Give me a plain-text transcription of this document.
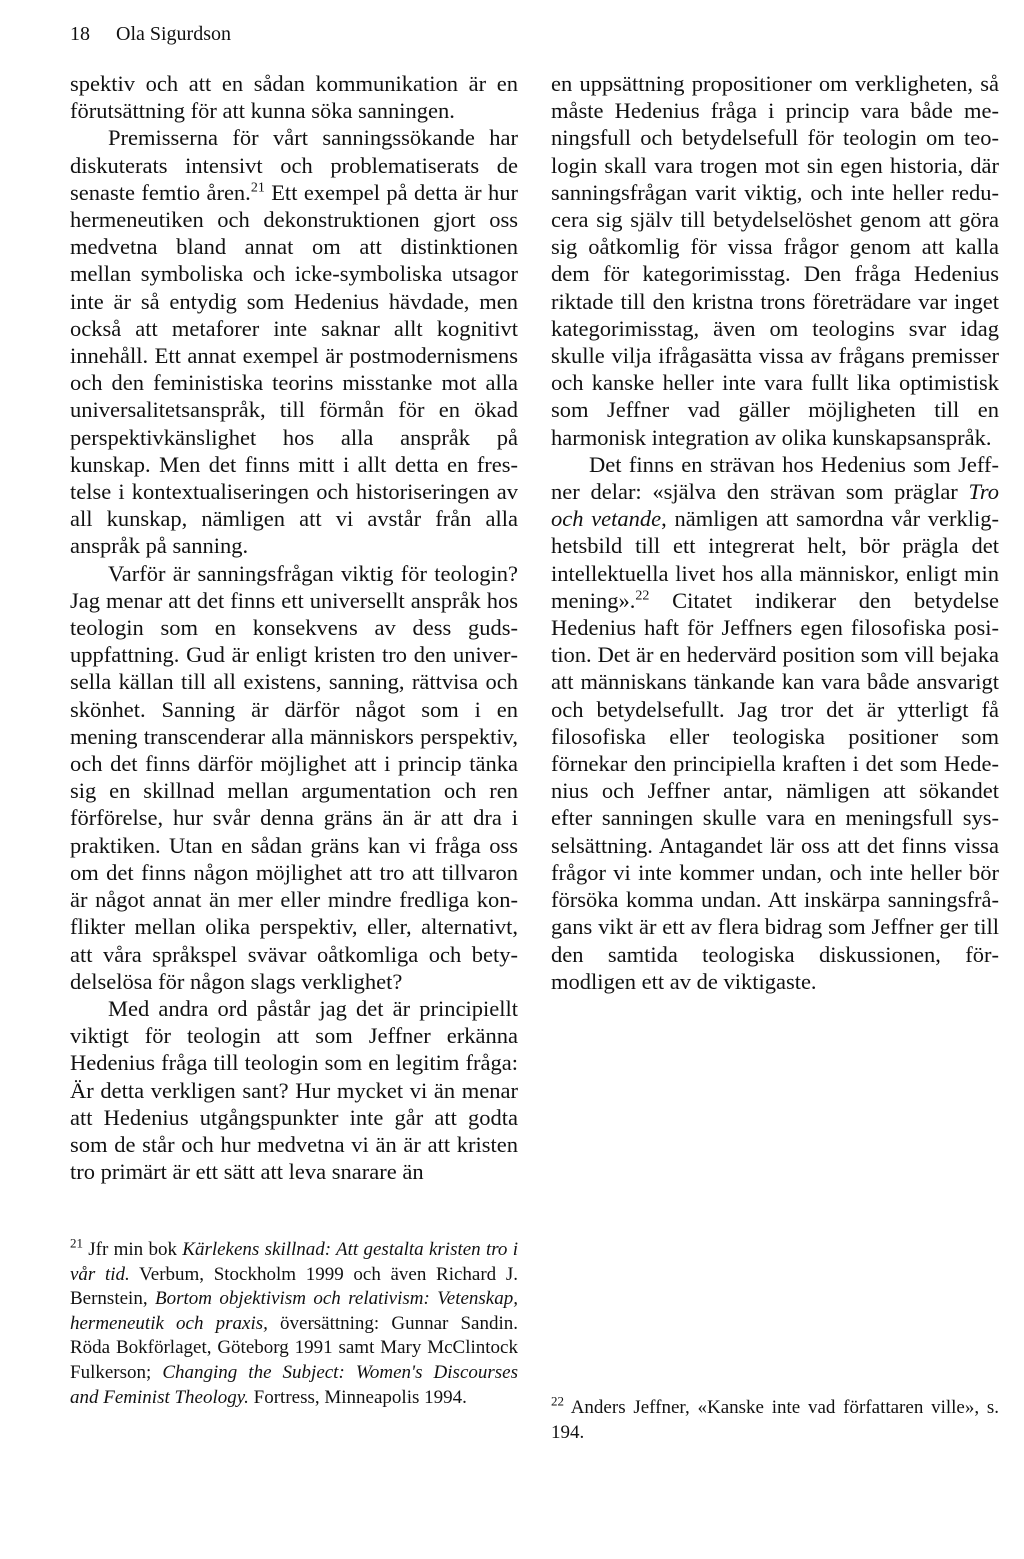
18 Ola Sigurdson

spektiv och att en sådan kommunikation är en förutsättning för att kunna söka sanningen.

Premisserna för vårt sanningssökande har diskuterats intensivt och problematiserats de senaste femtio åren.$^{21}$ Ett exempel på detta är hur hermeneutiken och dekonstruktionen gjort oss medvetna bland annat om att distinktionen mellan symboliska och icke-symboliska utsagor inte är så entydig som Hedenius hävdade, men också att metaforer inte saknar allt kognitivt innehåll. Ett annat exempel är postmodernismens och den feministiska teorins misstanke mot alla universalitetsanspråk, till förmån för en ökad perspektivkänslighet hos alla anspråk på kunskap. Men det finns mitt i allt detta en frestelse i kontextualiseringen och historiseringen av all kunskap, nämligen att vi avstår från alla anspråk på sanning.

Varför är sanningsfrågan viktig för teologin? Jag menar att det finns ett universellt anspråk hos teologin som en konsekvens av dess gudsuppfattning. Gud är enligt kristen tro den universella källan till all existens, sanning, rättvisa och skönhet. Sanning är därför något som i en mening transcenderar alla människors perspektiv, och det finns därför möjlighet att i princip tänka sig en skillnad mellan argumentation och ren förförelse, hur svår denna gräns än är att dra i praktiken. Utan en sådan gräns kan vi fråga oss om det finns någon möjlighet att tro att tillvaron är något annat än mer eller mindre fredliga konflikter mellan olika perspektiv, eller, alternativt, att våra språkspel svävar oåtkomliga och betydelselösa för någon slags verklighet?

Med andra ord påstår jag det är principiellt viktigt för teologin att som Jeffner erkänna Hedenius fråga till teologin som en legitim fråga: Är detta verkligen sant? Hur mycket vi än menar att Hedenius utgångspunkter inte går att godta som de står och hur medvetna vi än är att kristen tro primärt är ett sätt att leva snarare än

en uppsättning propositioner om verkligheten, så måste Hedenius fråga i princip vara både meningsfull och betydelsefull för teologin om teologin skall vara trogen mot sin egen historia, där sanningsfrågan varit viktig, och inte heller reducera sig själv till betydelselöshet genom att göra sig oåtkomlig för vissa frågor genom att kalla dem för kategorimisstag. Den fråga Hedenius riktade till den kristna trons företrädare var inget kategorimisstag, även om teologins svar idag skulle vilja ifrågasätta vissa av frågans premisser och kanske heller inte vara fullt lika optimistisk som Jeffner vad gäller möjligheten till en harmonisk integration av olika kunskapsanspråk.

Det finns en strävan hos Hedenius som Jeffner delar: «själva den strävan som präglar Tro och vetande, nämligen att samordna vår verklighetsbild till ett integrerat helt, bör prägla det intellektuella livet hos alla människor, enligt min mening».$^{22}$ Citatet indikerar den betydelse Hedenius haft för Jeffners egen filosofiska position. Det är en hedervärd position som vill bejaka att människans tänkande kan vara både ansvarigt och betydelsefullt. Jag tror det är ytterligt få filosofiska eller teologiska positioner som förnekar den principiella kraften i det som Hedenius och Jeffner antar, nämligen att sökandet efter sanningen skulle vara en meningsfull sysselsättning. Antagandet lär oss att det finns vissa frågor vi inte kommer undan, och inte heller bör försöka komma undan. Att inskärpa sanningsfrågans vikt är ett av flera bidrag som Jeffner ger till den samtida teologiska diskussionen, förmodligen ett av de viktigaste.

$^{21}$ Jfr min bok Kärlekens skillnad: Att gestalta kristen tro i vår tid. Verbum, Stockholm 1999 och även Richard J. Bernstein, Bortom objektivism och relativism: Vetenskap, hermeneutik och praxis, översättning: Gunnar Sandin. Röda Bokförlaget, Göteborg 1991 samt Mary McClintock Fulkerson; Changing the Subject: Women's Discourses and Feminist Theology. Fortress, Minneapolis 1994.	$^{22}$ Anders Jeffner, «Kanske inte vad författaren ville», s. 194.
